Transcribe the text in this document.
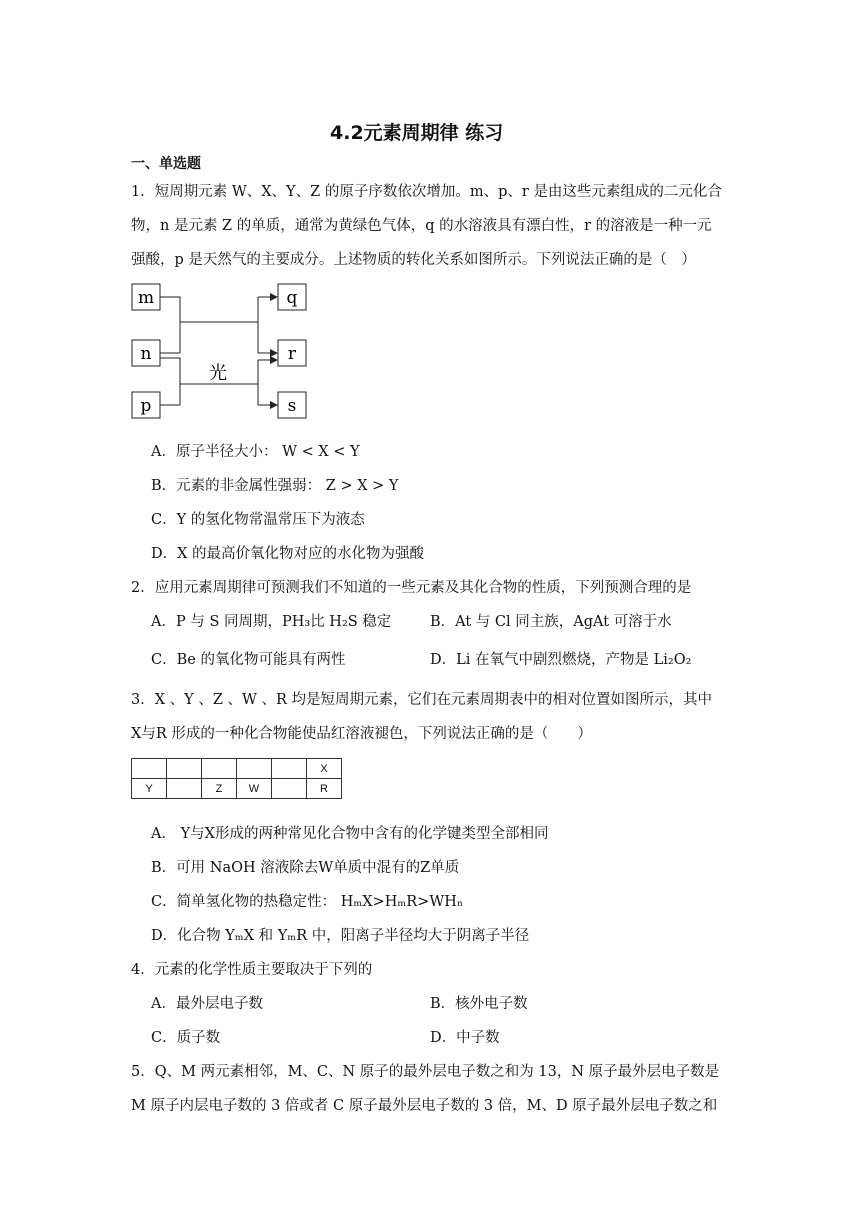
4.2元素周期律 练习
一、单选题
1．短周期元素 W、X、Y、Z 的原子序数依次增加。m、p、r 是由这些元素组成的二元化合
物，n 是元素 Z 的单质，通常为黄绿色气体，q 的水溶液具有漂白性，r 的溶液是一种一元
强酸，p 是天然气的主要成分。上述物质的转化关系如图所示。下列说法正确的是（　）
m
n
p
q
r
s
光
A．原子半径大小： W < X < Y
B．元素的非金属性强弱： Z > X > Y
C．Y 的氢化物常温常压下为液态
D．X 的最高价氧化物对应的水化物为强酸
2．应用元素周期律可预测我们不知道的一些元素及其化合物的性质，下列预测合理的是
A．P 与 S 同周期，PH₃比 H₂S 稳定	B．At 与 Cl 同主族，AgAt 可溶于水
C．Be 的氧化物可能具有两性	D．Li 在氧气中剧烈燃烧，产物是 Li₂O₂
3．X 、Y 、Z 、W 、R 均是短周期元素，它们在元素周期表中的相对位置如图所示，其中
X与R 形成的一种化合物能使品红溶液褪色，下列说法正确的是（　　）
					X
Y		Z	W		R
A． Y与X形成的两种常见化合物中含有的化学键类型全部相同
B．可用 NaOH 溶液除去W单质中混有的Z单质
C．简单氢化物的热稳定性： HₘX>HₘR>WHₙ
D．化合物 YₘX 和 YₘR 中，阳离子半径均大于阴离子半径
4．元素的化学性质主要取决于下列的
A．最外层电子数	B．核外电子数
C．质子数	D．中子数
5．Q、M 两元素相邻，M、C、N 原子的最外层电子数之和为 13，N 原子最外层电子数是
M 原子内层电子数的 3 倍或者 C 原子最外层电子数的 3 倍，M、D 原子最外层电子数之和
